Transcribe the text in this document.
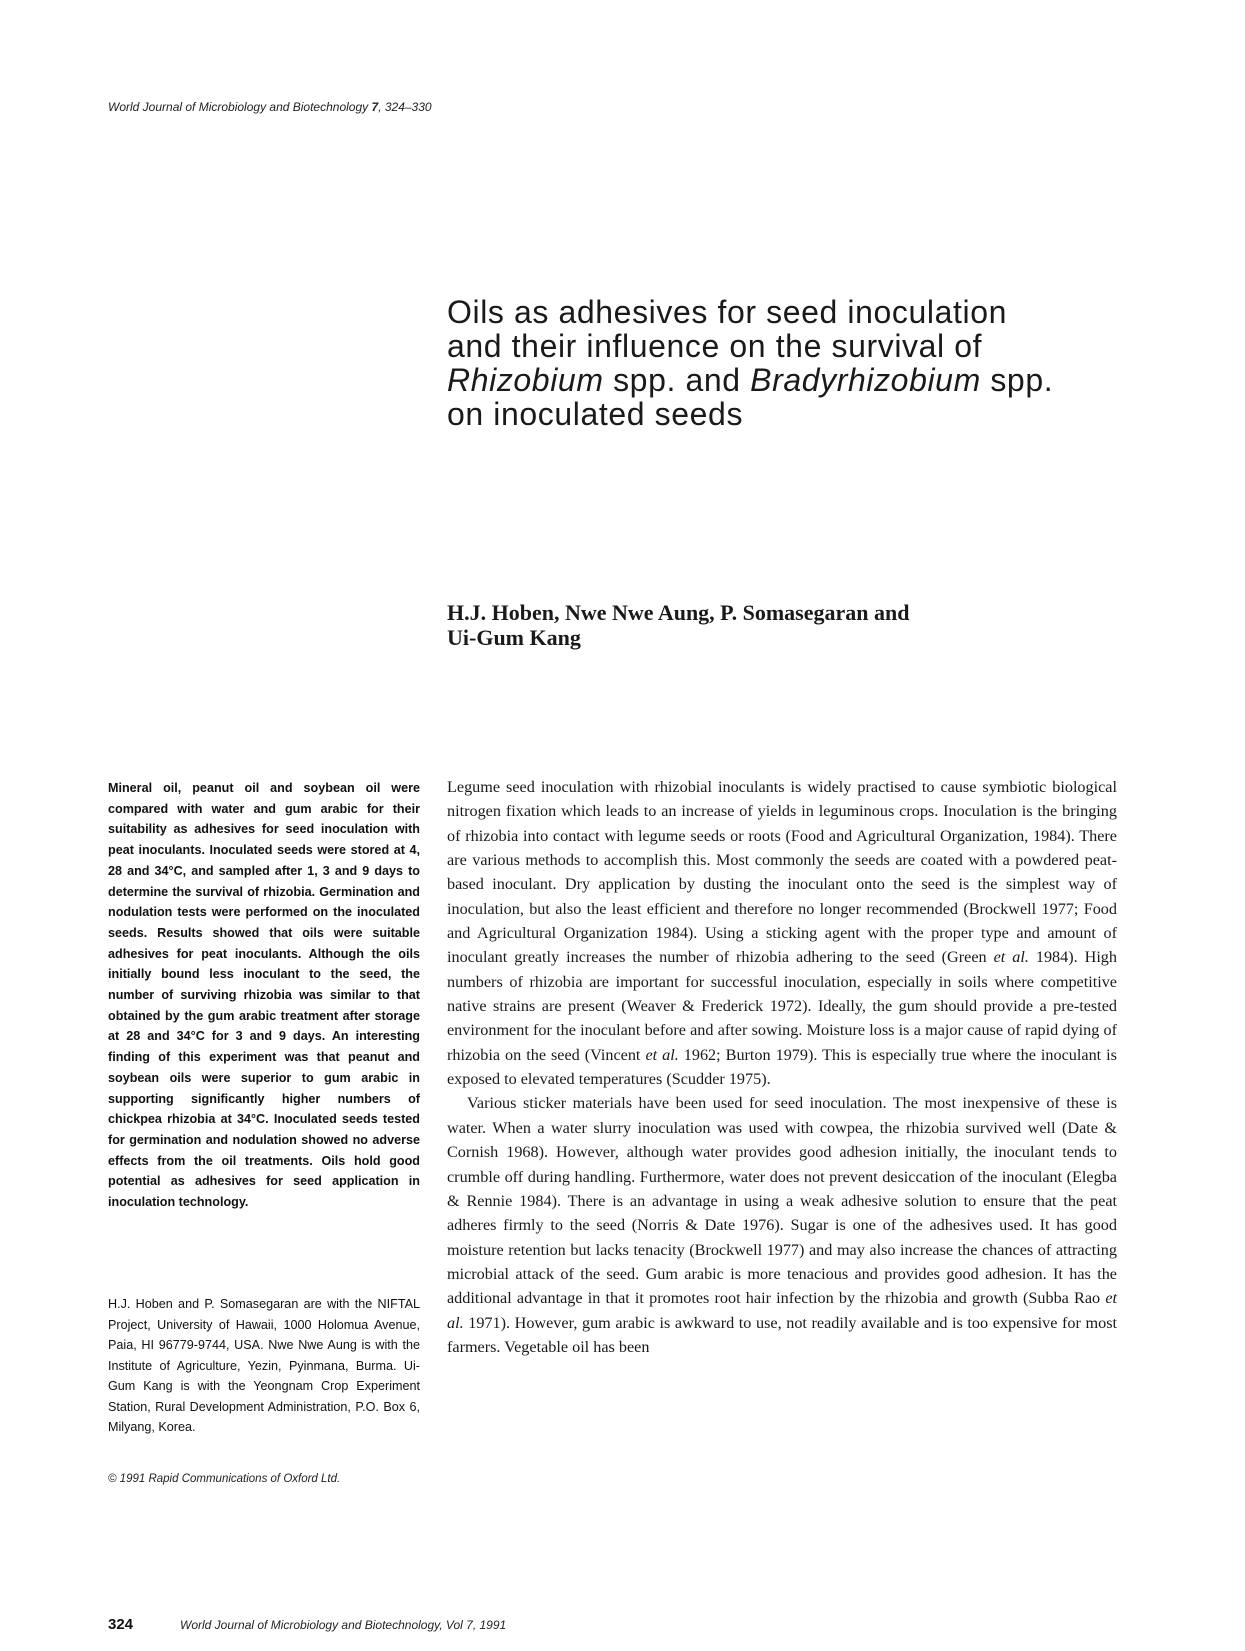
World Journal of Microbiology and Biotechnology 7, 324–330
Oils as adhesives for seed inoculation
and their influence on the survival of
Rhizobium spp. and Bradyrhizobium spp.
on inoculated seeds
H.J. Hoben, Nwe Nwe Aung, P. Somasegaran and
Ui-Gum Kang

Mineral oil, peanut oil and soybean oil were compared with water and gum arabic for their suitability as adhesives for seed inoculation with peat inoculants. Inoculated seeds were stored at 4, 28 and 34°C, and sampled after 1, 3 and 9 days to determine the survival of rhizobia. Germination and nodulation tests were performed on the inoculated seeds. Results showed that oils were suitable adhesives for peat inoculants. Although the oils initially bound less inoculant to the seed, the number of surviving rhizobia was similar to that obtained by the gum arabic treatment after storage at 28 and 34°C for 3 and 9 days. An interesting finding of this experiment was that peanut and soybean oils were superior to gum arabic in supporting significantly higher numbers of chickpea rhizobia at 34°C. Inoculated seeds tested for germination and nodulation showed no adverse effects from the oil treatments. Oils hold good potential as adhesives for seed application in inoculation technology.

H.J. Hoben and P. Somasegaran are with the NIFTAL Project, University of Hawaii, 1000 Holomua Avenue, Paia, HI 96779-9744, USA. Nwe Nwe Aung is with the Institute of Agriculture, Yezin, Pyinmana, Burma. Ui-Gum Kang is with the Yeongnam Crop Experiment Station, Rural Development Administration, P.O. Box 6, Milyang, Korea.

© 1991 Rapid Communications of Oxford Ltd.

Legume seed inoculation with rhizobial inoculants is widely practised to cause symbiotic biological nitrogen fixation which leads to an increase of yields in leguminous crops. Inoculation is the bringing of rhizobia into contact with legume seeds or roots (Food and Agricultural Organization, 1984). There are various methods to accomplish this. Most commonly the seeds are coated with a powdered peat-based inoculant. Dry application by dusting the inoculant onto the seed is the simplest way of inoculation, but also the least efficient and therefore no longer recommended (Brockwell 1977; Food and Agricultural Organization 1984). Using a sticking agent with the proper type and amount of inoculant greatly increases the number of rhizobia adhering to the seed (Green et al. 1984). High numbers of rhizobia are important for successful inoculation, especially in soils where competitive native strains are present (Weaver & Frederick 1972). Ideally, the gum should provide a pre-tested environment for the inoculant before and after sowing. Moisture loss is a major cause of rapid dying of rhizobia on the seed (Vincent et al. 1962; Burton 1979). This is especially true where the inoculant is exposed to elevated temperatures (Scudder 1975).

Various sticker materials have been used for seed inoculation. The most inexpensive of these is water. When a water slurry inoculation was used with cowpea, the rhizobia survived well (Date & Cornish 1968). However, although water provides good adhesion initially, the inoculant tends to crumble off during handling. Furthermore, water does not prevent desiccation of the inoculant (Elegba & Rennie 1984). There is an advantage in using a weak adhesive solution to ensure that the peat adheres firmly to the seed (Norris & Date 1976). Sugar is one of the adhesives used. It has good moisture retention but lacks tenacity (Brockwell 1977) and may also increase the chances of attracting microbial attack of the seed. Gum arabic is more tenacious and provides good adhesion. It has the additional advantage in that it promotes root hair infection by the rhizobia and growth (Subba Rao et al. 1971). However, gum arabic is awkward to use, not readily available and is too expensive for most farmers. Vegetable oil has been

324	World Journal of Microbiology and Biotechnology, Vol 7, 1991
